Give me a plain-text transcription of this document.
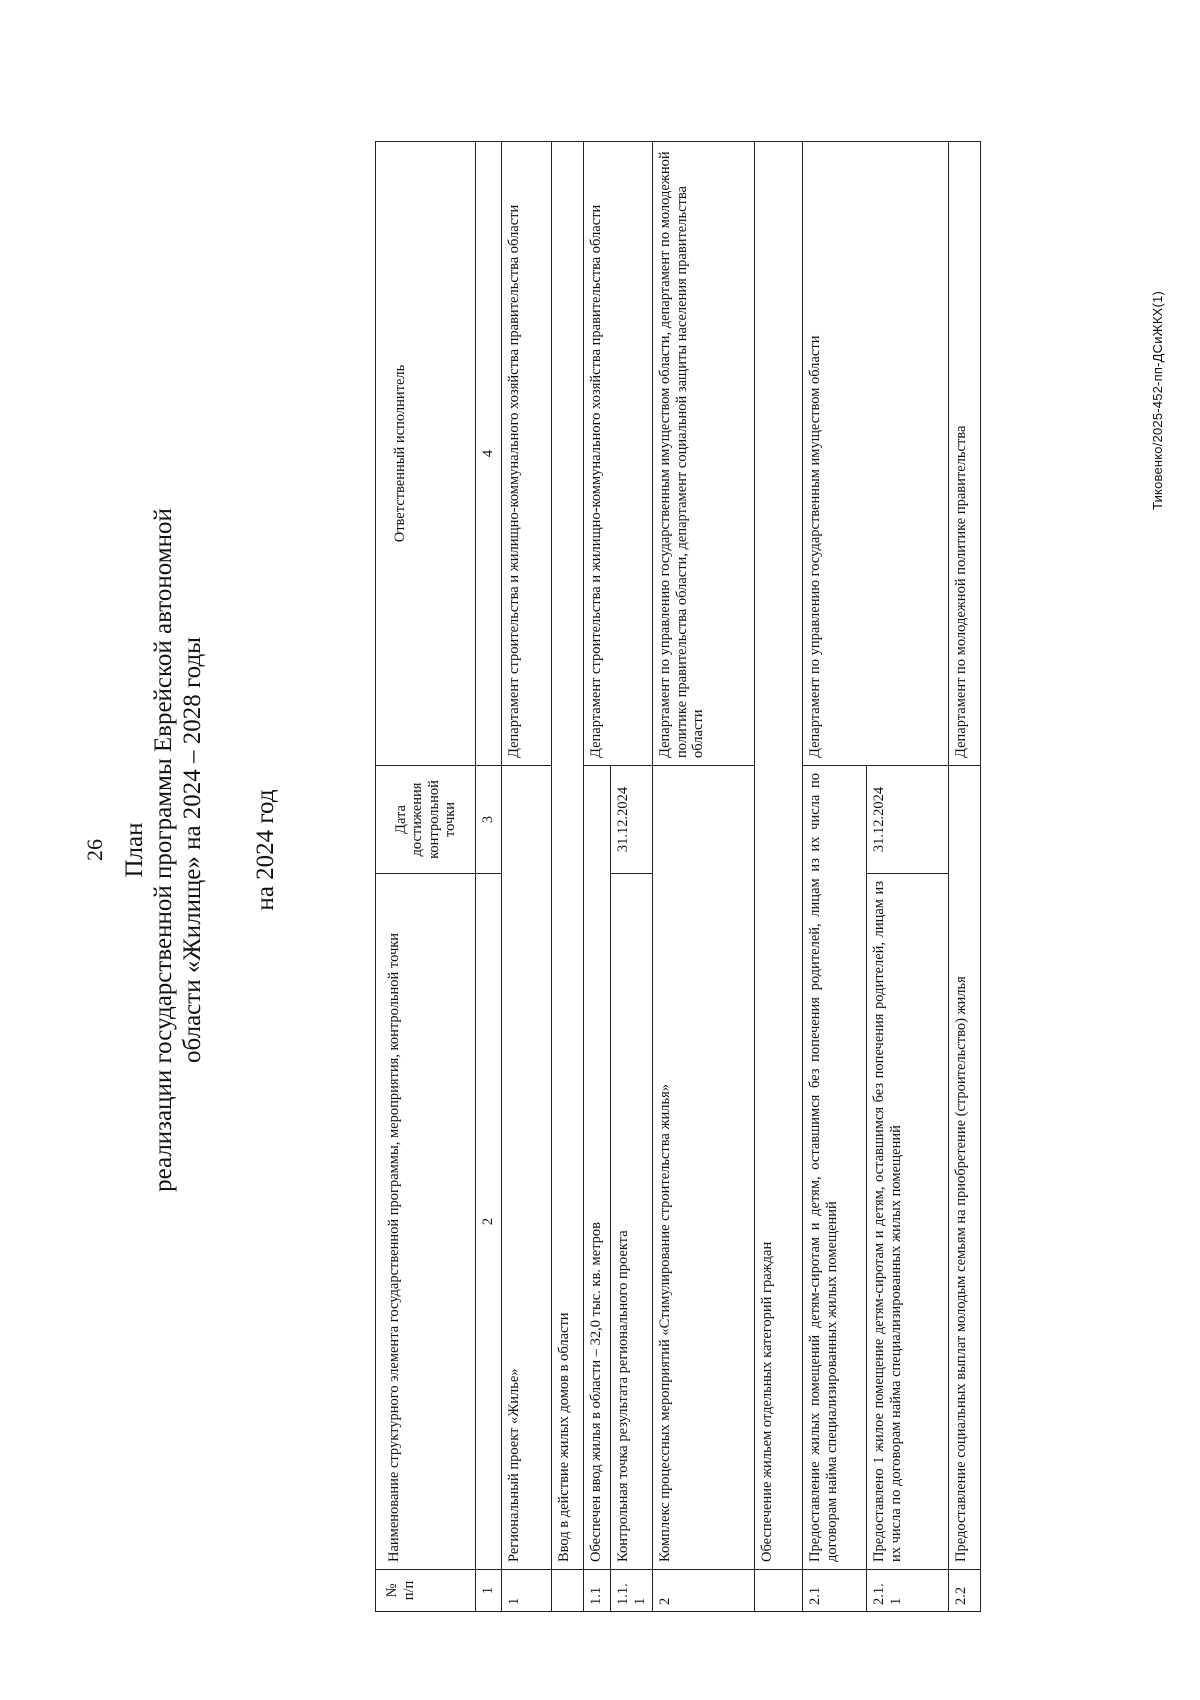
26 План реализации государственной программы Еврейской автономной области «Жилище» на 2024 – 2028 годы на 2024 год
№ п/п	Наименование структурного элемента государственной программы, мероприятия, контрольной точки	Дата достижения контрольной точки	Ответственный исполнитель
1	2	3	4
1	Региональный проект «Жилье»		Департамент строительства и жилищно-коммунального хозяйства правительства области
	Ввод в действие жилых домов в области		
1.1	Обеспечен ввод жилья в области – 32,0 тыс. кв. метров		Департамент строительства и жилищно-коммунального хозяйства правительства области
1.1.1	Контрольная точка результата регионального проекта	31.12.2024	
2	Комплекс процессных мероприятий «Стимулирование строительства жилья»		Департамент по управлению государственным имуществом области, департамент по молодежной политике правительства области, департамент социальной защиты населения правительства области
	Обеспечение жильем отдельных категорий граждан		
2.1	Предоставление жилых помещений детям-сиротам и детям, оставшимся без попечения родителей, лицам из их числа по договорам найма специализированных жилых помещений		Департамент по управлению государственным имуществом области
2.1.1	Предоставлено 1 жилое помещение детям-сиротам и детям, оставшимся без попечения родителей, лицам из их числа по договорам найма специализированных жилых помещений	31.12.2024	
2.2	Предоставление социальных выплат молодым семьям на приобретение (строительство) жилья		Департамент по молодежной политике правительства
Тиковенко/2025-452-пп-ДСиЖКХ(1)
